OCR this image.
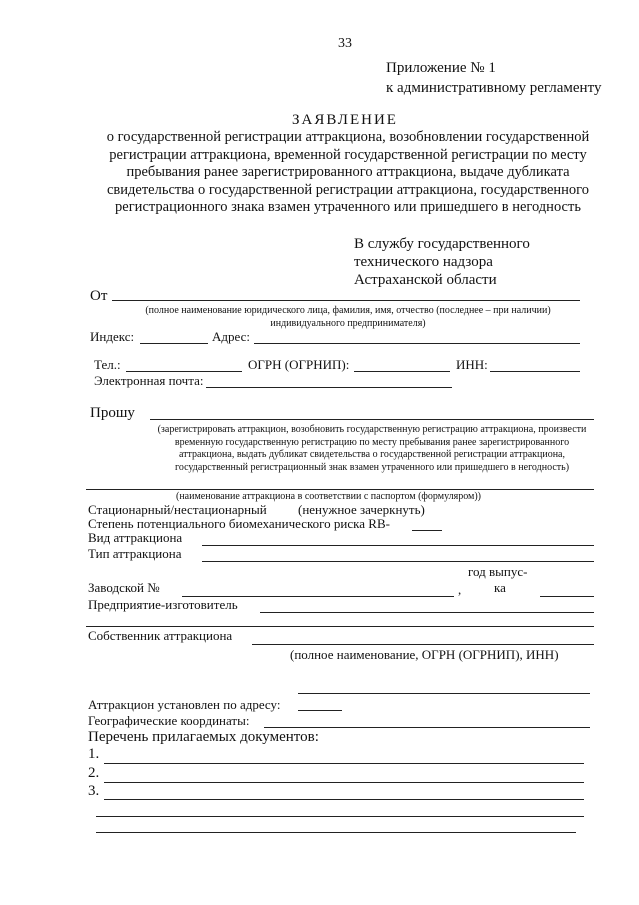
33
Приложение № 1
к административному регламенту
ЗАЯВЛЕНИЕ
о государственной регистрации аттракциона, возобновлении государственной регистрации аттракциона, временной государственной регистрации по месту пребывания ранее зарегистрированного аттракциона, выдаче дубликата свидетельства о государственной регистрации аттракциона, государственного регистрационного знака взамен утраченного или пришедшего в негодность
В службу государственного
технического надзора
Астраханской области
От
(полное наименование юридического лица, фамилия, имя, отчество (последнее – при наличии) индивидуального предпринимателя)
Индекс:	Адрес:
Тел.:	ОГРН (ОГРНИП):	ИНН:
Электронная почта:
Прошу
(зарегистрировать аттракцион, возобновить государственную регистрацию аттракциона, произвести временную государственную регистрацию по месту пребывания ранее зарегистрированного аттракциона, выдать дубликат свидетельства о государственной регистрации аттракциона, государственный регистрационный знак взамен утраченного или пришедшего в негодность)
(наименование аттракциона в соответствии с паспортом (формуляром))
Стационарный/нестационарный (ненужное зачеркнуть)
Степень потенциального биомеханического риска RB-
Вид аттракциона
Тип аттракциона
год выпус-
Заводской №	,	ка
Предприятие-изготовитель
Собственник аттракциона
(полное наименование, ОГРН (ОГРНИП), ИНН)
Аттракцион установлен по адресу:
Географические координаты:
Перечень прилагаемых документов:
1.
2.
3.
